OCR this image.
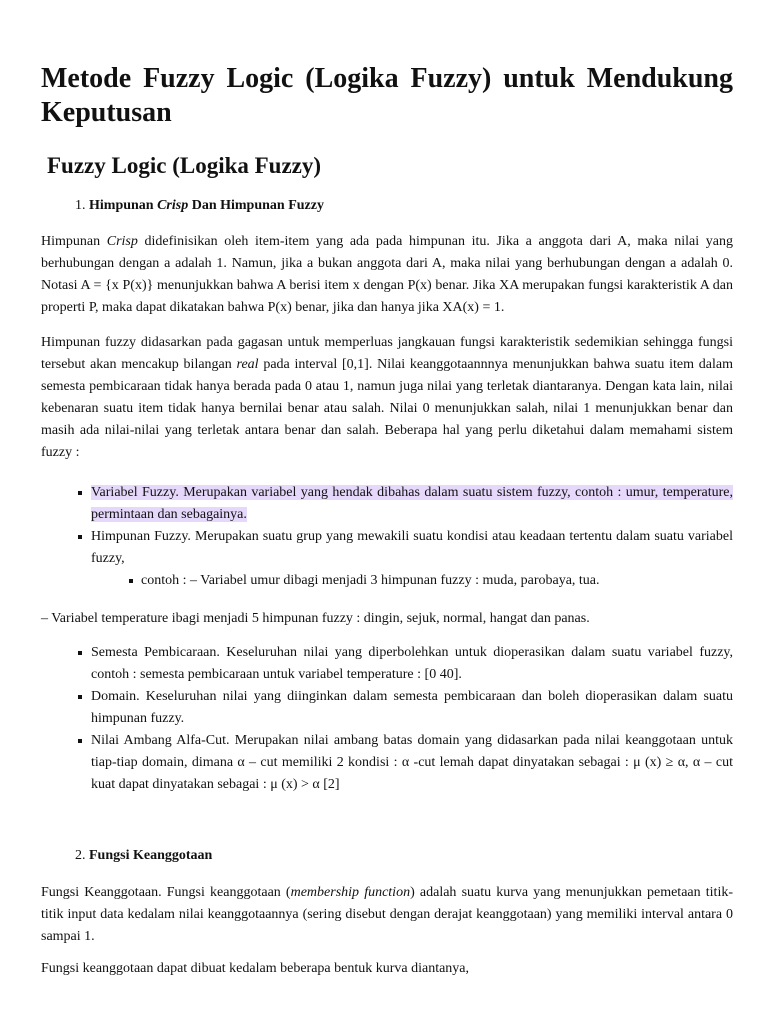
Metode Fuzzy Logic (Logika Fuzzy) untuk Mendukung Keputusan
Fuzzy Logic (Logika Fuzzy)
1. Himpunan Crisp Dan Himpunan Fuzzy

Himpunan Crisp didefinisikan oleh item-item yang ada pada himpunan itu. Jika a anggota dari A, maka nilai yang berhubungan dengan a adalah 1. Namun, jika a bukan anggota dari A, maka nilai yang berhubungan dengan a adalah 0. Notasi A = {x P(x)} menunjukkan bahwa A berisi item x dengan P(x) benar. Jika XA merupakan fungsi karakteristik A dan properti P, maka dapat dikatakan bahwa P(x) benar, jika dan hanya jika XA(x) = 1.

Himpunan fuzzy didasarkan pada gagasan untuk memperluas jangkauan fungsi karakteristik sedemikian sehingga fungsi tersebut akan mencakup bilangan real pada interval [0,1]. Nilai keanggotaannnya menunjukkan bahwa suatu item dalam semesta pembicaraan tidak hanya berada pada 0 atau 1, namun juga nilai yang terletak diantaranya. Dengan kata lain, nilai kebenaran suatu item tidak hanya bernilai benar atau salah. Nilai 0 menunjukkan salah, nilai 1 menunjukkan benar dan masih ada nilai-nilai yang terletak antara benar dan salah. Beberapa hal yang perlu diketahui dalam memahami sistem fuzzy :

Variabel Fuzzy. Merupakan variabel yang hendak dibahas dalam suatu sistem fuzzy, contoh : umur, temperature, permintaan dan sebagainya.
Himpunan Fuzzy. Merupakan suatu grup yang mewakili suatu kondisi atau keadaan tertentu dalam suatu variabel fuzzy,
contoh : – Variabel umur dibagi menjadi 3 himpunan fuzzy : muda, parobaya, tua.
– Variabel temperature ibagi menjadi 5 himpunan fuzzy : dingin, sejuk, normal, hangat dan panas.
Semesta Pembicaraan. Keseluruhan nilai yang diperbolehkan untuk dioperasikan dalam suatu variabel fuzzy, contoh : semesta pembicaraan untuk variabel temperature : [0 40].
Domain. Keseluruhan nilai yang diinginkan dalam semesta pembicaraan dan boleh dioperasikan dalam suatu himpunan fuzzy.
Nilai Ambang Alfa-Cut. Merupakan nilai ambang batas domain yang didasarkan pada nilai keanggotaan untuk tiap-tiap domain, dimana α – cut memiliki 2 kondisi : α -cut lemah dapat dinyatakan sebagai : μ (x) ≥ α, α – cut kuat dapat dinyatakan sebagai : μ (x) > α [2]
2. Fungsi Keanggotaan

Fungsi Keanggotaan. Fungsi keanggotaan (membership function) adalah suatu kurva yang menunjukkan pemetaan titik-titik input data kedalam nilai keanggotaannya (sering disebut dengan derajat keanggotaan) yang memiliki interval antara 0 sampai 1.

Fungsi keanggotaan dapat dibuat kedalam beberapa bentuk kurva diantanya,
